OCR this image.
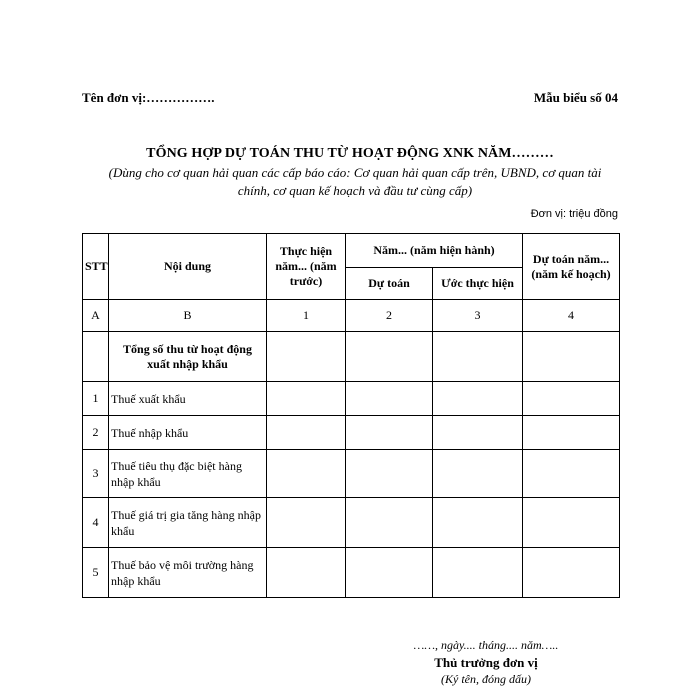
Tên đơn vị:…………….	Mẫu biểu số 04
TỔNG HỢP DỰ TOÁN THU TỪ HOẠT ĐỘNG XNK NĂM………
(Dùng cho cơ quan hải quan các cấp báo cáo: Cơ quan hải quan cấp trên, UBND, cơ quan tài chính, cơ quan kế hoạch và đầu tư cùng cấp)
Đơn vị: triệu đồng
STT	Nội dung	Thực hiện năm... (năm trước)	Năm... (năm hiện hành)		Dự toán năm... (năm kế hoạch)
			Dự toán	Ước thực hiện	
A	B	1	2	3	4
	Tổng số thu từ hoạt động xuất nhập khẩu				
1	Thuế xuất khẩu				
2	Thuế nhập khẩu				
3	Thuế tiêu thụ đặc biệt hàng nhập khẩu				
4	Thuế giá trị gia tăng hàng nhập khẩu				
5	Thuế bảo vệ môi trường hàng nhập khẩu				
……, ngày.... tháng.... năm…..
Thủ trưởng đơn vị
(Ký tên, đóng dấu)
